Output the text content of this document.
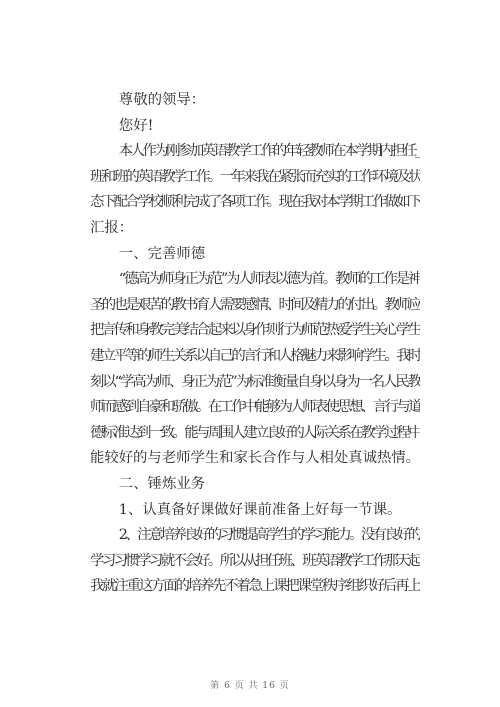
尊敬的领导：
您好!
本人作为刚参加英语教学工作的年轻教师在本学期内担任_
班和班的英语教学工作。一年来我在紧张而充实的工作环境及状
态下配合学校顺利完成了各项工作。现在我对本学期工作做如下
汇报：
一、完善师德
“德高为师身正为范”为人师表以德为首。教师的工作是神
圣的也是艰苦的教书育人需要感情、时间及精力的付出。教师应
把言传和身教完美结合起来以身作则行为师范热爱学生关心学生
建立平等的师生关系以自己的言行和人格魅力来影响学生。我时
刻以“学高为师、身正为范”为标准衡量自身以身为一名人民教
师而感到自豪和骄傲。在工作中能够为人师表使思想、言行与道
德标准达到一致。能与周围人建立良好的人际关系在教学过程中
能较好的与老师学生和家长合作与人相处真诚热情。
二、锤炼业务
1、认真备好课做好课前准备上好每一节课。
2、注意培养良好的习惯提高学生的学习能力。没有良好的
学习习惯学习就不会好。所以从担任班、班英语教学工作那天起
我就注重这方面的培养先不着急上课把课堂秩序组织好后再上
第 6 页 共 16 页
